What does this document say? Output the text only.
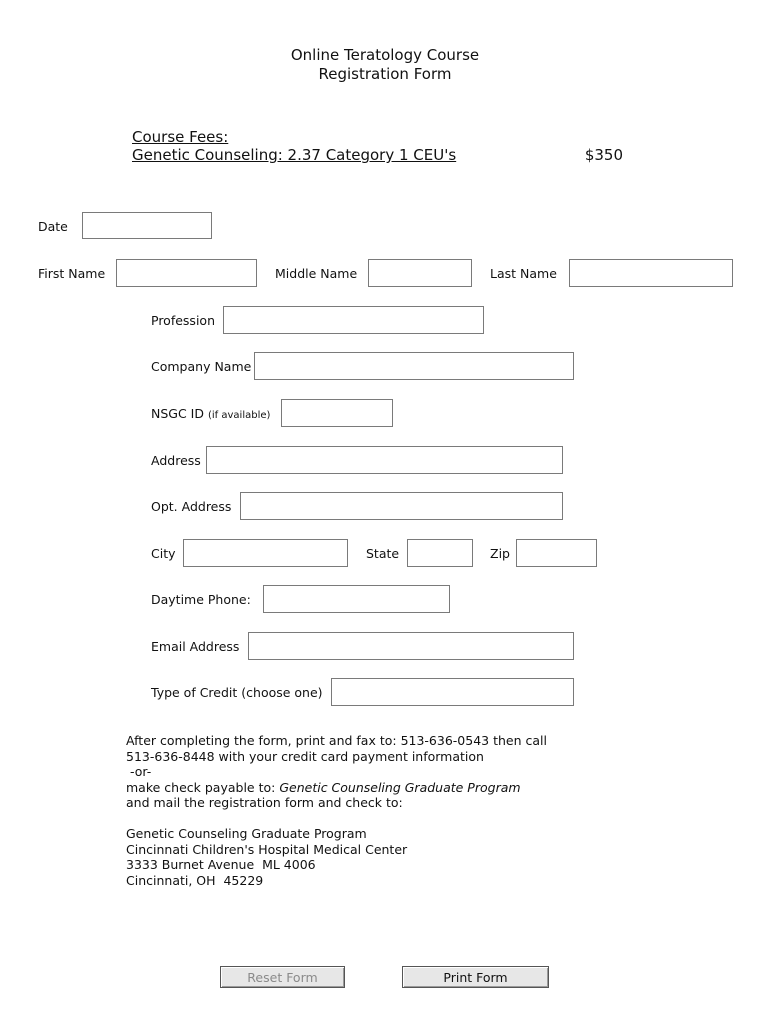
Online Teratology Course
Registration Form
Course Fees:
Genetic Counseling: 2.37 Category 1 CEU's	$350
Date
First Name	Middle Name	Last Name
Profession
Company Name
NSGC ID (if available)
Address
Opt. Address
City	State	Zip
Daytime Phone:
Email Address
Type of Credit (choose one)
After completing the form, print and fax to: 513-636-0543 then call
513-636-8448 with your credit card payment information
-or-
make check payable to: Genetic Counseling Graduate Program
and mail the registration form and check to:
Genetic Counseling Graduate Program
Cincinnati Children's Hospital Medical Center
3333 Burnet Avenue  ML 4006
Cincinnati, OH  45229
Reset Form	Print Form
